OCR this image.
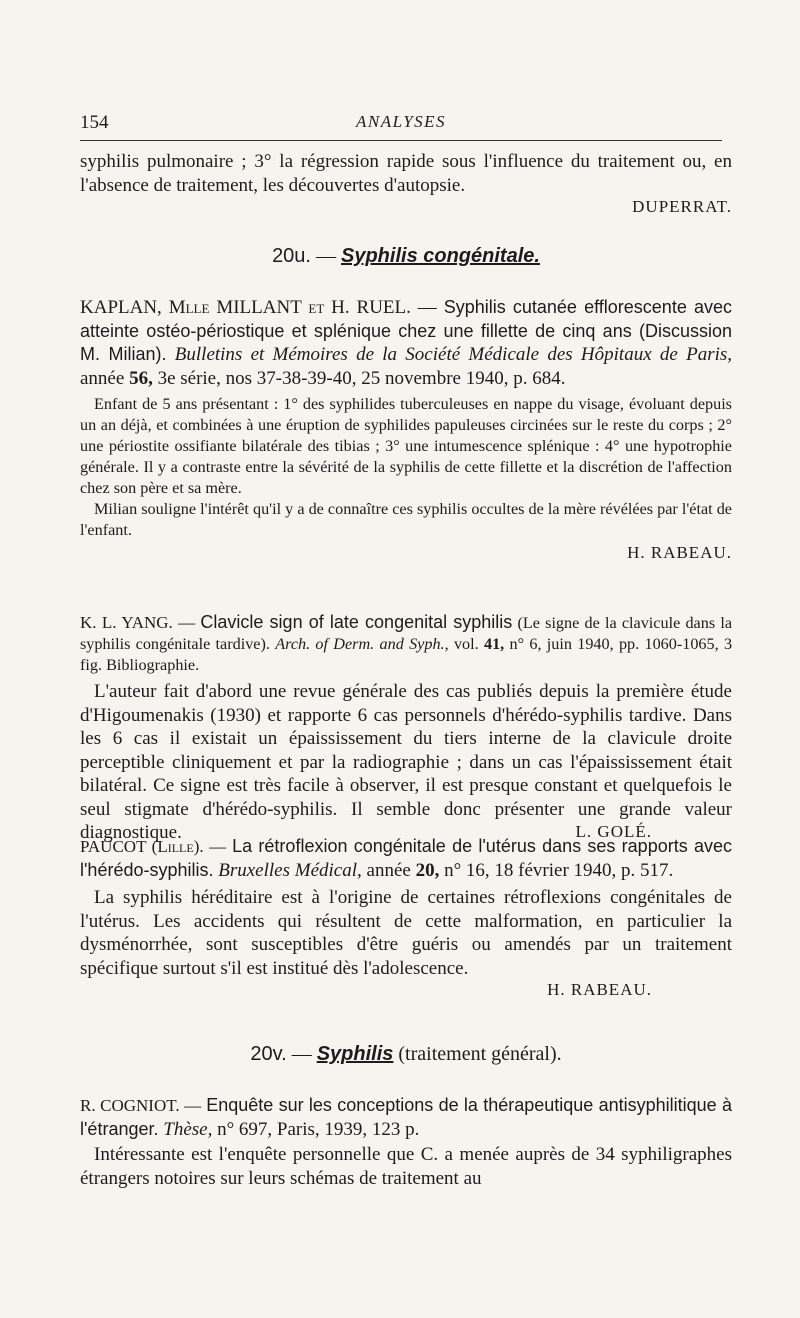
154	ANALYSES

syphilis pulmonaire ; 3° la régression rapide sous l'influence du traitement ou, en l'absence de traitement, les découvertes d'autopsie.

DUPERRAT.

20u. — Syphilis congénitale.

KAPLAN, Mlle MILLANT et H. RUEL. — Syphilis cutanée efflorescente avec atteinte ostéo-périostique et splénique chez une fillette de cinq ans (Discussion M. Milian). Bulletins et Mémoires de la Société Médicale des Hôpitaux de Paris, année 56, 3e série, nos 37-38-39-40, 25 novembre 1940, p. 684.

Enfant de 5 ans présentant : 1° des syphilides tuberculeuses en nappe du visage, évoluant depuis un an déjà, et combinées à une éruption de syphilides papuleuses circinées sur le reste du corps ; 2° une périostite ossifiante bilatérale des tibias ; 3° une intumescence splénique : 4° une hypotrophie générale. Il y a contraste entre la sévérité de la syphilis de cette fillette et la discrétion de l'affection chez son père et sa mère.

Milian souligne l'intérêt qu'il y a de connaître ces syphilis occultes de la mère révélées par l'état de l'enfant.

H. RABEAU.

K. L. YANG. — Clavicle sign of late congenital syphilis (Le signe de la clavicule dans la syphilis congénitale tardive). Arch. of Derm. and Syph., vol. 41, n° 6, juin 1940, pp. 1060-1065, 3 fig. Bibliographie.

L'auteur fait d'abord une revue générale des cas publiés depuis la première étude d'Higoumenakis (1930) et rapporte 6 cas personnels d'hérédo-syphilis tardive. Dans les 6 cas il existait un épaississement du tiers interne de la clavicule droite perceptible cliniquement et par la radiographie ; dans un cas l'épaississement était bilatéral. Ce signe est très facile à observer, il est presque constant et quelquefois le seul stigmate d'hérédo-syphilis. Il semble donc présenter une grande valeur diagnostique.	L. GOLÉ.

PAUCOT (Lille). — La rétroflexion congénitale de l'utérus dans ses rapports avec l'hérédo-syphilis. Bruxelles Médical, année 20, n° 16, 18 février 1940, p. 517.

La syphilis héréditaire est à l'origine de certaines rétroflexions congénitales de l'utérus. Les accidents qui résultent de cette malformation, en particulier la dysménorrhée, sont susceptibles d'être guéris ou amendés par un traitement spécifique surtout s'il est institué dès l'adolescence.

H. RABEAU.

20v. — Syphilis (traitement général).

R. COGNIOT. — Enquête sur les conceptions de la thérapeutique antisyphilitique à l'étranger. Thèse, n° 697, Paris, 1939, 123 p.

Intéressante est l'enquête personnelle que C. a menée auprès de 34 syphiligraphes étrangers notoires sur leurs schémas de traitement au
